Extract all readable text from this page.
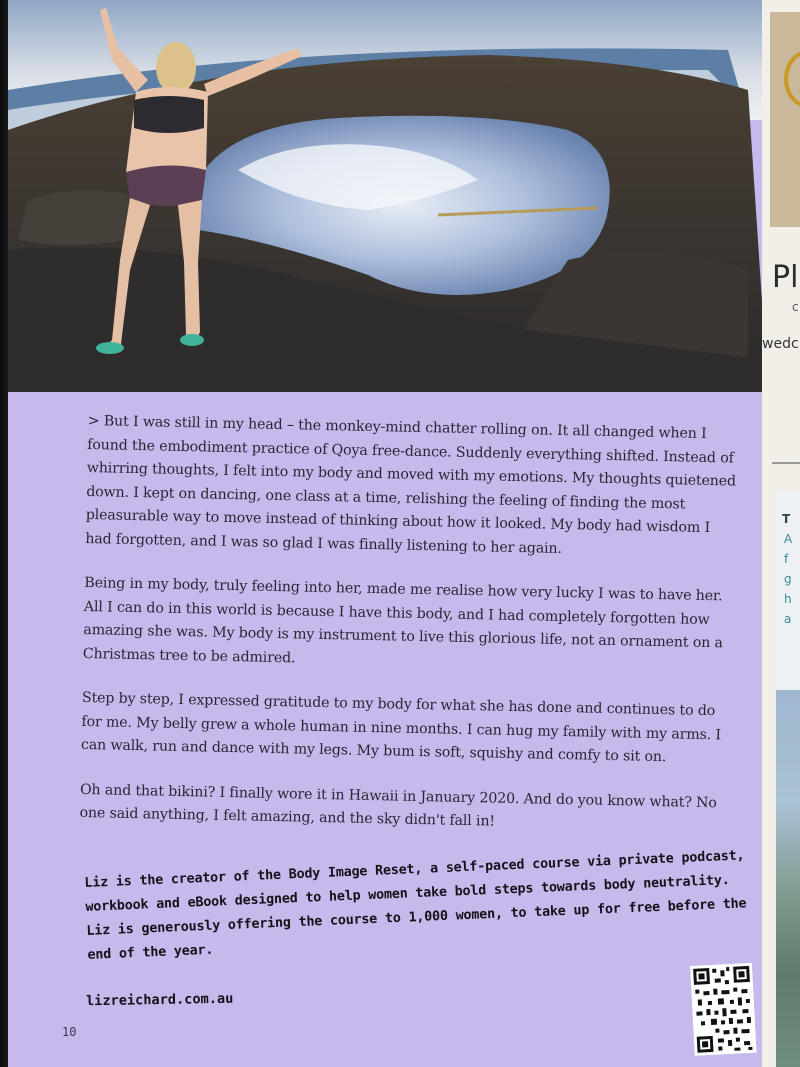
> But I was still in my head – the monkey-mind chatter rolling on. It all changed when I found the embodiment practice of Qoya free-dance. Suddenly everything shifted. Instead of whirring thoughts, I felt into my body and moved with my emotions. My thoughts quietened down. I kept on dancing, one class at a time, relishing the feeling of finding the most pleasurable way to move instead of thinking about how it looked. My body had wisdom I had forgotten, and I was so glad I was finally listening to her again.

Being in my body, truly feeling into her, made me realise how very lucky I was to have her. All I can do in this world is because I have this body, and I had completely forgotten how amazing she was. My body is my instrument to live this glorious life, not an ornament on a Christmas tree to be admired.

Step by step, I expressed gratitude to my body for what she has done and continues to do for me. My belly grew a whole human in nine months. I can hug my family with my arms. I can walk, run and dance with my legs. My bum is soft, squishy and comfy to sit on.

Oh and that bikini? I finally wore it in Hawaii in January 2020. And do you know what? No one said anything, I felt amazing, and the sky didn't fall in!

Liz is the creator of the Body Image Reset, a self-paced course via private podcast, workbook and eBook designed to help women take bold steps towards body neutrality. Liz is generously offering the course to 1,000 women, to take up for free before the end of the year.
lizreichard.com.au
10
Pl
c
wedc
T
A
f
g
h
a
